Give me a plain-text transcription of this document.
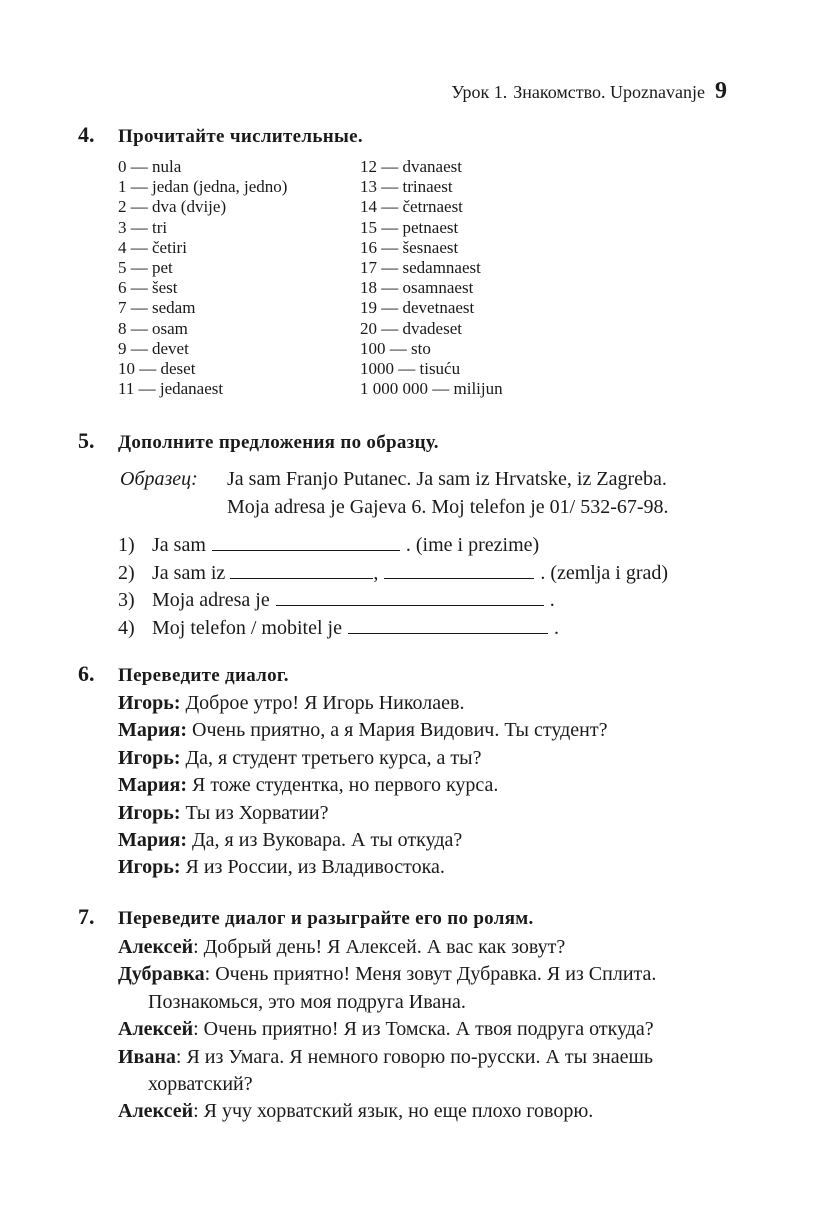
Урок 1. Знакомство. Upoznavanje 9
4.	Прочитайте числительные.
0 — nula
1 — jedan (jedna, jedno)
2 — dva (dvije)
3 — tri
4 — četiri
5 — pet
6 — šest
7 — sedam
8 — osam
9 — devet
10 — deset
11 — jedanaest
12 — dvanaest
13 — trinaest
14 — četrnaest
15 — petnaest
16 — šesnaest
17 — sedamnaest
18 — osamnaest
19 — devetnaest
20 — dvadeset
100 — sto
1000 — tisuću
1 000 000 — milijun
5.	Дополните предложения по образцу.
Образец: Ja sam Franjo Putanec. Ja sam iz Hrvatske, iz Zagreba.
Moja adresa je Gajeva 6. Moj telefon je 01/ 532-67-98.
1) Ja sam	. (ime i prezime)
2) Ja sam iz	,	. (zemlja i grad)
3) Moja adresa je	.
4) Moj telefon / mobitel je	.
6.	Переведите диалог.
Игорь: Доброе утро! Я Игорь Николаев.
Мария: Очень приятно, а я Мария Видович. Ты студент?
Игорь: Да, я студент третьего курса, а ты?
Мария: Я тоже студентка, но первого курса.
Игорь: Ты из Хорватии?
Мария: Да, я из Вуковара. А ты откуда?
Игорь: Я из России, из Владивостока.
7.	Переведите диалог и разыграйте его по ролям.
Алексей: Добрый день! Я Алексей. А вас как зовут?
Дубравка: Очень приятно! Меня зовут Дубравка. Я из Сплита.
Познакомься, это моя подруга Ивана.
Алексей: Очень приятно! Я из Томска. А твоя подруга откуда?
Ивана: Я из Умага. Я немного говорю по-русски. А ты знаешь
хорватский?
Алексей: Я учу хорватский язык, но еще плохо говорю.
